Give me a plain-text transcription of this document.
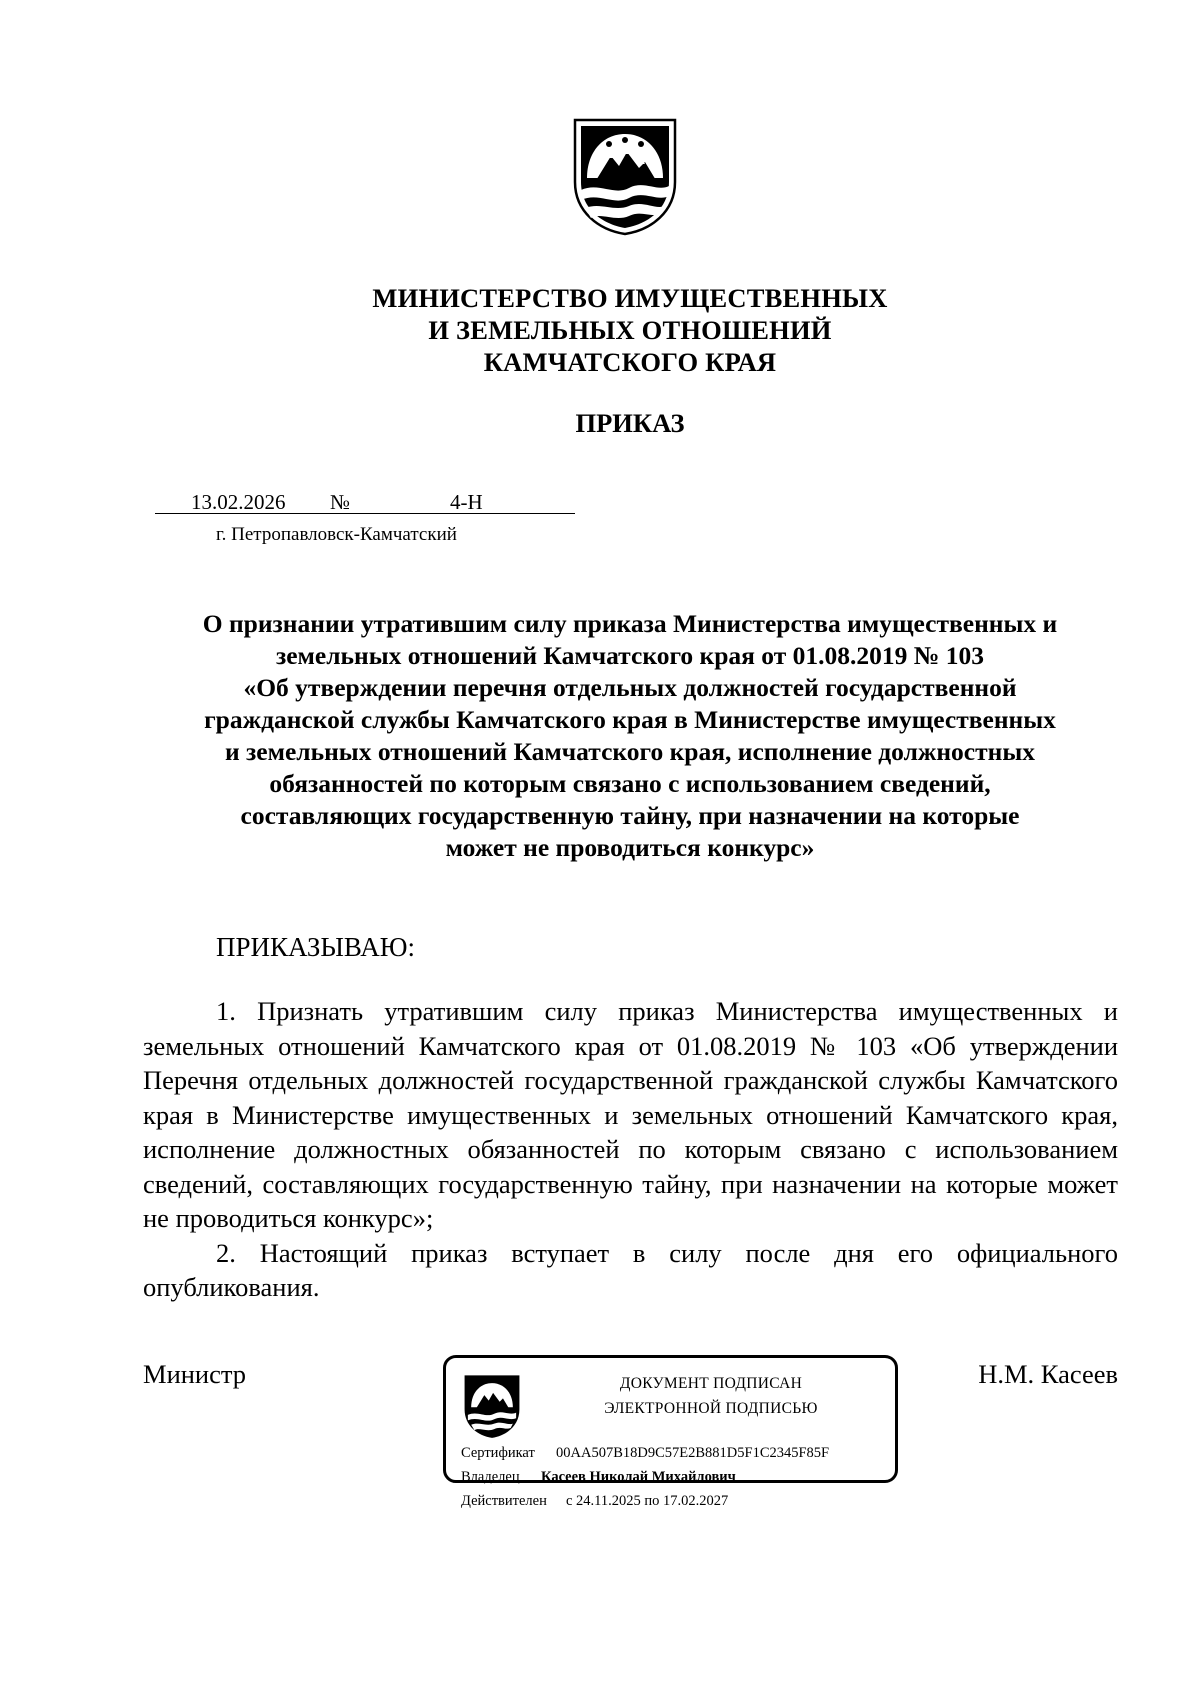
МИНИСТЕРСТВО ИМУЩЕСТВЕННЫХ
И ЗЕМЕЛЬНЫХ ОТНОШЕНИЙ
КАМЧАТСКОГО КРАЯ
ПРИКАЗ
13.02.2026 №	4-Н
г. Петропавловск-Камчатский
О признании утратившим силу приказа Министерства имущественных и
земельных отношений Камчатского края от 01.08.2019 № 103
«Об утверждении перечня отдельных должностей государственной
гражданской службы Камчатского края в Министерстве имущественных
и земельных отношений Камчатского края, исполнение должностных
обязанностей по которым связано с использованием сведений,
составляющих государственную тайну, при назначении на которые
может не проводиться конкурс»
ПРИКАЗЫВАЮ:

1. Признать утратившим силу приказ Министерства имущественных и земельных отношений Камчатского края от 01.08.2019 № 103 «Об утверждении Перечня отдельных должностей государственной гражданской службы Камчатского края в Министерстве имущественных и земельных отношений Камчатского края, исполнение должностных обязанностей по которым связано с использованием сведений, составляющих государственную тайну, при назначении на которые может не проводиться конкурс»;

2. Настоящий приказ вступает в силу после дня его официального опубликования.

Министр	Н.М. Касеев
ДОКУМЕНТ ПОДПИСАН
ЭЛЕКТРОННОЙ ПОДПИСЬЮ
Сертификат 00AA507B18D9C57E2B881D5F1C2345F85F
Владелец Касеев Николай Михайлович
Действителен с 24.11.2025 по 17.02.2027
